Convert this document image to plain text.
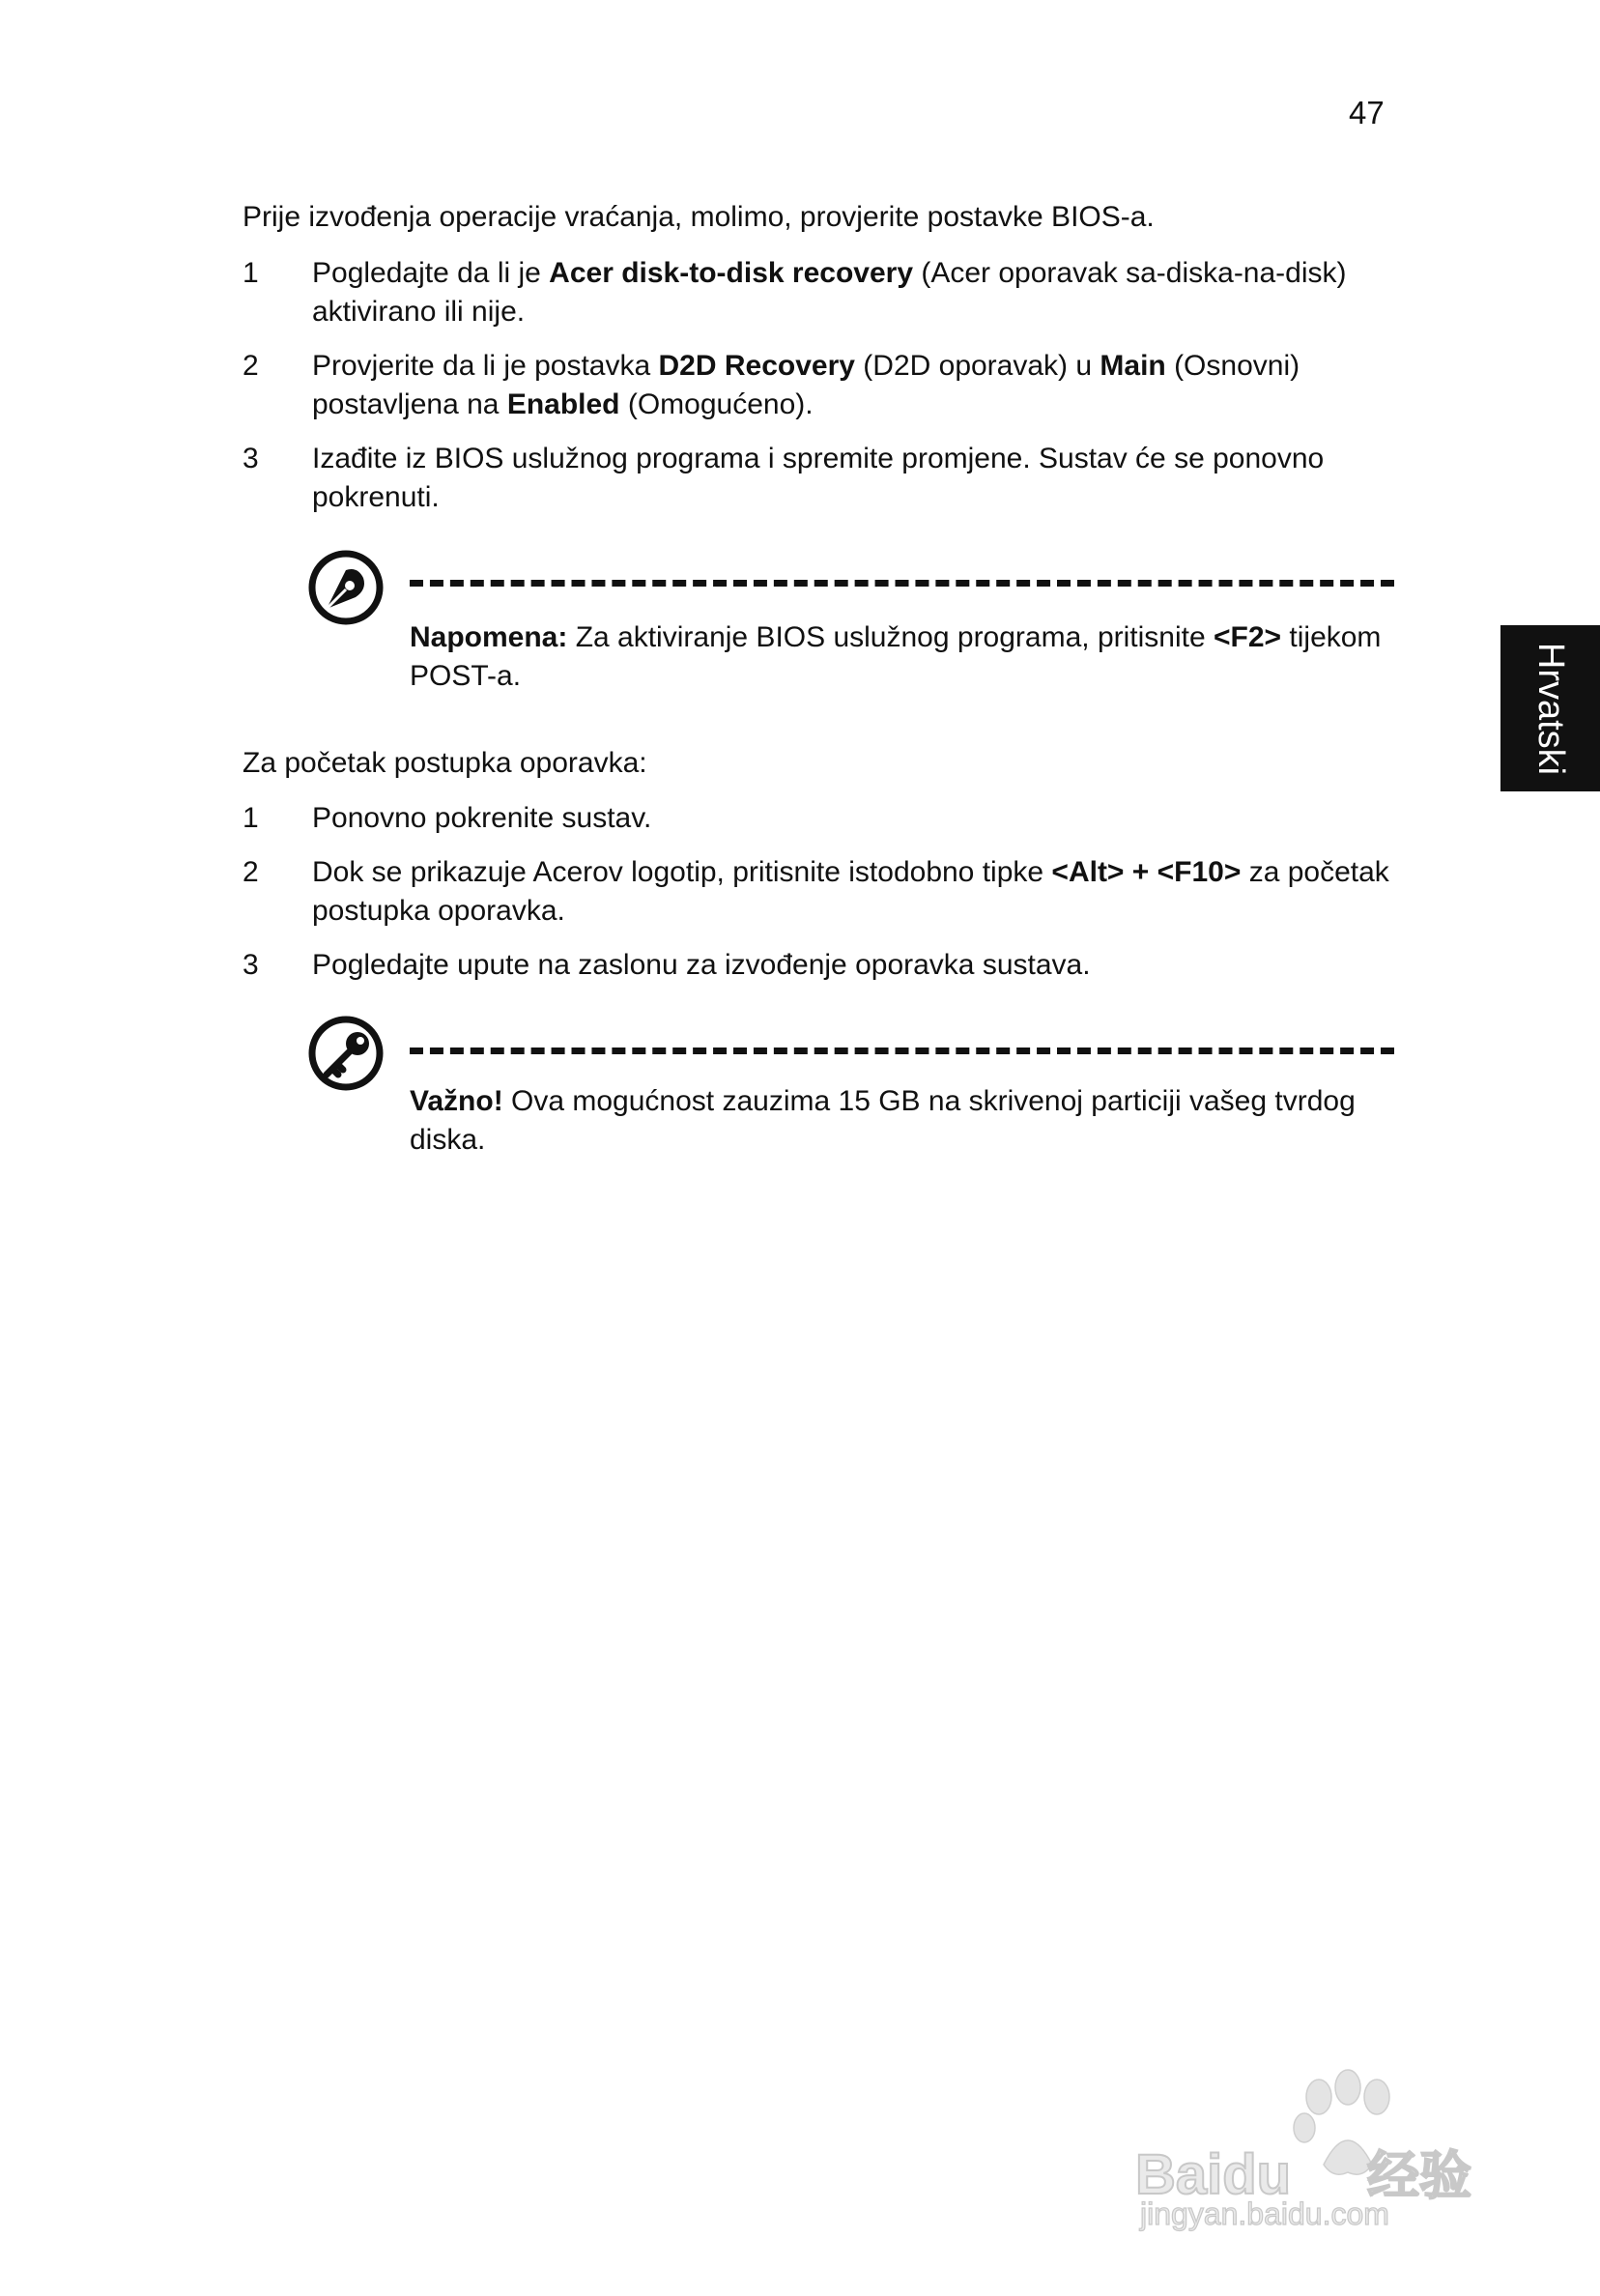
47
Hrvatski
Prije izvođenja operacije vraćanja, molimo, provjerite postavke BIOS-a.
1	Pogledajte da li je Acer disk-to-disk recovery (Acer oporavak sa-diska-na-disk) aktivirano ili nije.
2	Provjerite da li je postavka D2D Recovery (D2D oporavak) u Main (Osnovni) postavljena na Enabled (Omogućeno).
3	Izađite iz BIOS uslužnog programa i spremite promjene. Sustav će se ponovno pokrenuti.
Napomena: Za aktiviranje BIOS uslužnog programa, pritisnite <F2> tijekom POST-a.
Za početak postupka oporavka:
1	Ponovno pokrenite sustav.
2	Dok se prikazuje Acerov logotip, pritisnite istodobno tipke <Alt> + <F10> za početak postupka oporavka.
3	Pogledajte upute na zaslonu za izvođenje oporavka sustava.
Važno! Ova mogućnost zauzima 15 GB na skrivenoj particiji vašeg tvrdog diska.
Baidu 经验
jingyan.baidu.com
